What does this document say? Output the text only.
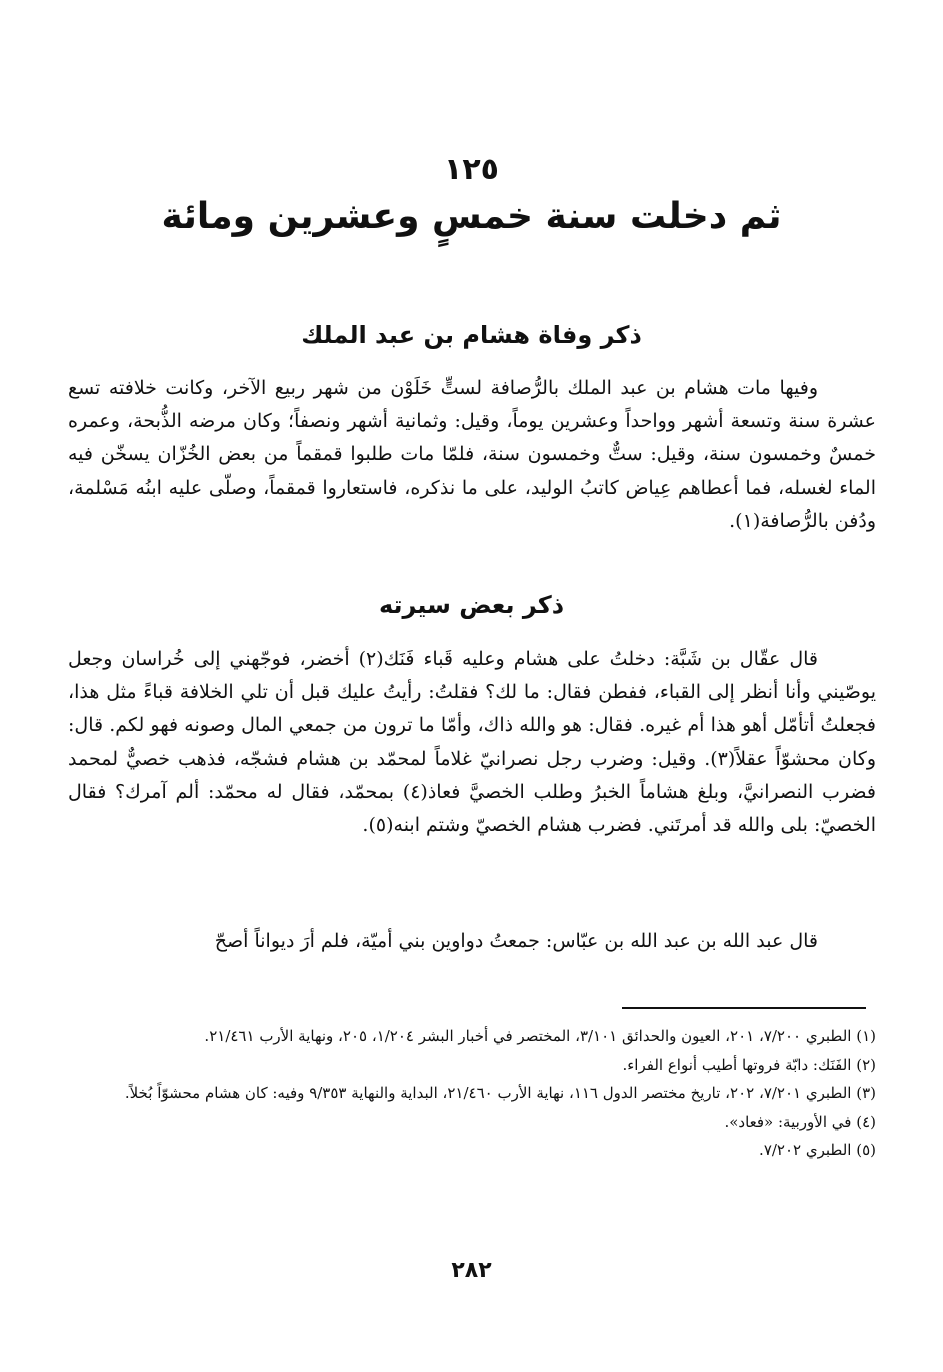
١٢٥
ثم دخلت سنة خمسٍ وعشرين ومائة
ذكر وفاة هشام بن عبد الملك

وفيها مات هشام بن عبد الملك بالرُّصافة لستٍّ خَلَوْن من شهر ربيع الآخر، وكانت خلافته تسع عشرة سنة وتسعة أشهر وواحداً وعشرين يوماً، وقيل: وثمانية أشهر ونصفاً؛ وكان مرضه الذُّبحة، وعمره خمسٌ وخمسون سنة، وقيل: ستٌّ وخمسون سنة، فلمّا مات طلبوا قمقماً من بعض الخُزّان يسخّن فيه الماء لغسله، فما أعطاهم عِياض كاتبُ الوليد، على ما نذكره، فاستعاروا قمقماً، وصلّى عليه ابنُه مَسْلمة، ودُفن بالرُّصافة(١).

ذكر بعض سيرته

قال عقّال بن شَبَّة: دخلتُ على هشام وعليه قَباء فَنَك(٢) أخضر، فوجّهني إلى خُراسان وجعل يوصّيني وأنا أنظر إلى القباء، ففطن فقال: ما لك؟ فقلتُ: رأيتُ عليك قبل أن تلي الخلافة قباءً مثل هذا، فجعلتُ أتأمّل أهو هذا أم غيره. فقال: هو والله ذاك، وأمّا ما ترون من جمعي المال وصونه فهو لكم. قال: وكان محشوّاً عقلاً(٣). وقيل: وضرب رجل نصرانيّ غلاماً لمحمّد بن هشام فشجّه، فذهب خصيٌّ لمحمد فضرب النصرانيَّ، وبلغ هشاماً الخبرُ وطلب الخصيَّ فعاذ(٤) بمحمّد، فقال له محمّد: ألم آمرك؟ فقال الخصيّ: بلى والله قد أمرتَني. فضرب هشام الخصيّ وشتم ابنه(٥).

قال عبد الله بن عبد الله بن عبّاس: جمعتُ دواوين بني أميّة، فلم أرَ ديواناً أصحّ

(١) الطبري ٧/٢٠٠، ٢٠١، العيون والحدائق ٣/١٠١، المختصر في أخبار البشر ١/٢٠٤، ٢٠٥، ونهاية الأرب ٢١/٤٦١.
(٢) الفَنَك: دابّة فروتها أطيب أنواع الفراء.
(٣) الطبري ٧/٢٠١، ٢٠٢، تاريخ مختصر الدول ١١٦، نهاية الأرب ٢١/٤٦٠، البداية والنهاية ٩/٣٥٣ وفيه: كان هشام محشوّاً بُخلاً.
(٤) في الأوربية: «فعاد».
(٥) الطبري ٧/٢٠٢.
٢٨٢
